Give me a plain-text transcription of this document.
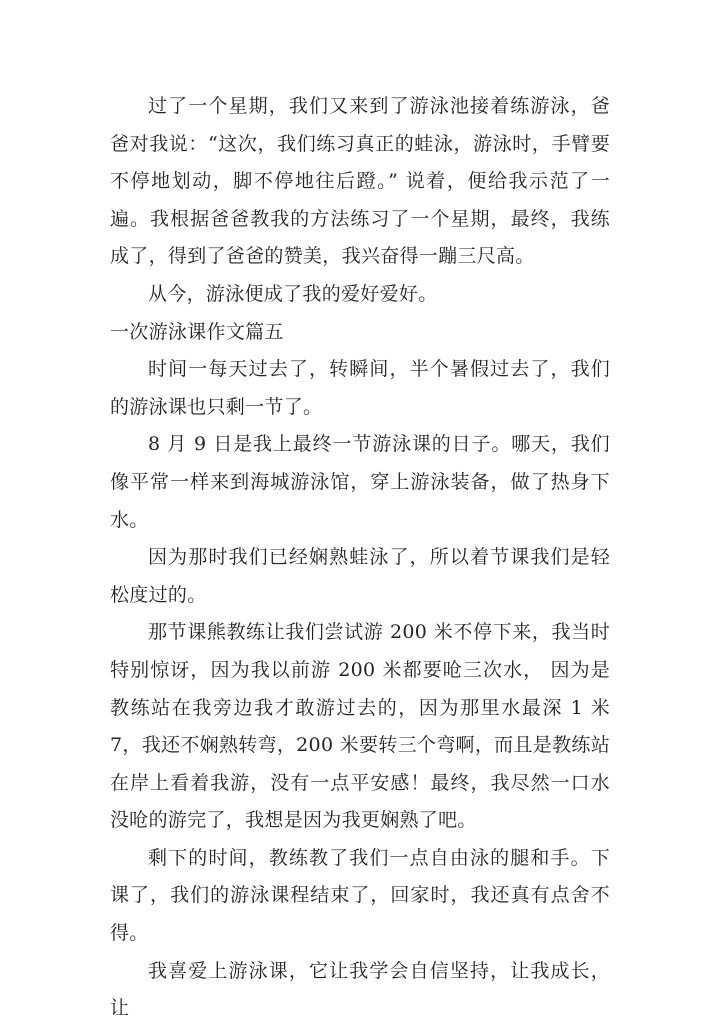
过了一个星期，我们又来到了游泳池接着练游泳，爸爸对我说：“这次，我们练习真正的蛙泳，游泳时，手臂要不停地划动，脚不停地往后蹬。” 说着，便给我示范了一遍。我根据爸爸教我的方法练习了一个星期，最终，我练成了，得到了爸爸的赞美，我兴奋得一蹦三尺高。

从今，游泳便成了我的爱好爱好。

一次游泳课作文篇五

时间一每天过去了，转瞬间，半个暑假过去了，我们的游泳课也只剩一节了。

8 月 9 日是我上最终一节游泳课的日子。哪天，我们像平常一样来到海城游泳馆，穿上游泳装备，做了热身下水。

因为那时我们已经娴熟蛙泳了，所以着节课我们是轻松度过的。

那节课熊教练让我们尝试游 200 米不停下来，我当时特别惊讶，因为我以前游 200 米都要呛三次水， 因为是教练站在我旁边我才敢游过去的，因为那里水最深 1 米 7，我还不娴熟转弯，200 米要转三个弯啊，而且是教练站在岸上看着我游，没有一点平安感！最终，我尽然一口水没呛的游完了，我想是因为我更娴熟了吧。

剩下的时间，教练教了我们一点自由泳的腿和手。下课了，我们的游泳课程结束了，回家时，我还真有点舍不得。

我喜爱上游泳课，它让我学会自信坚持，让我成长，让
